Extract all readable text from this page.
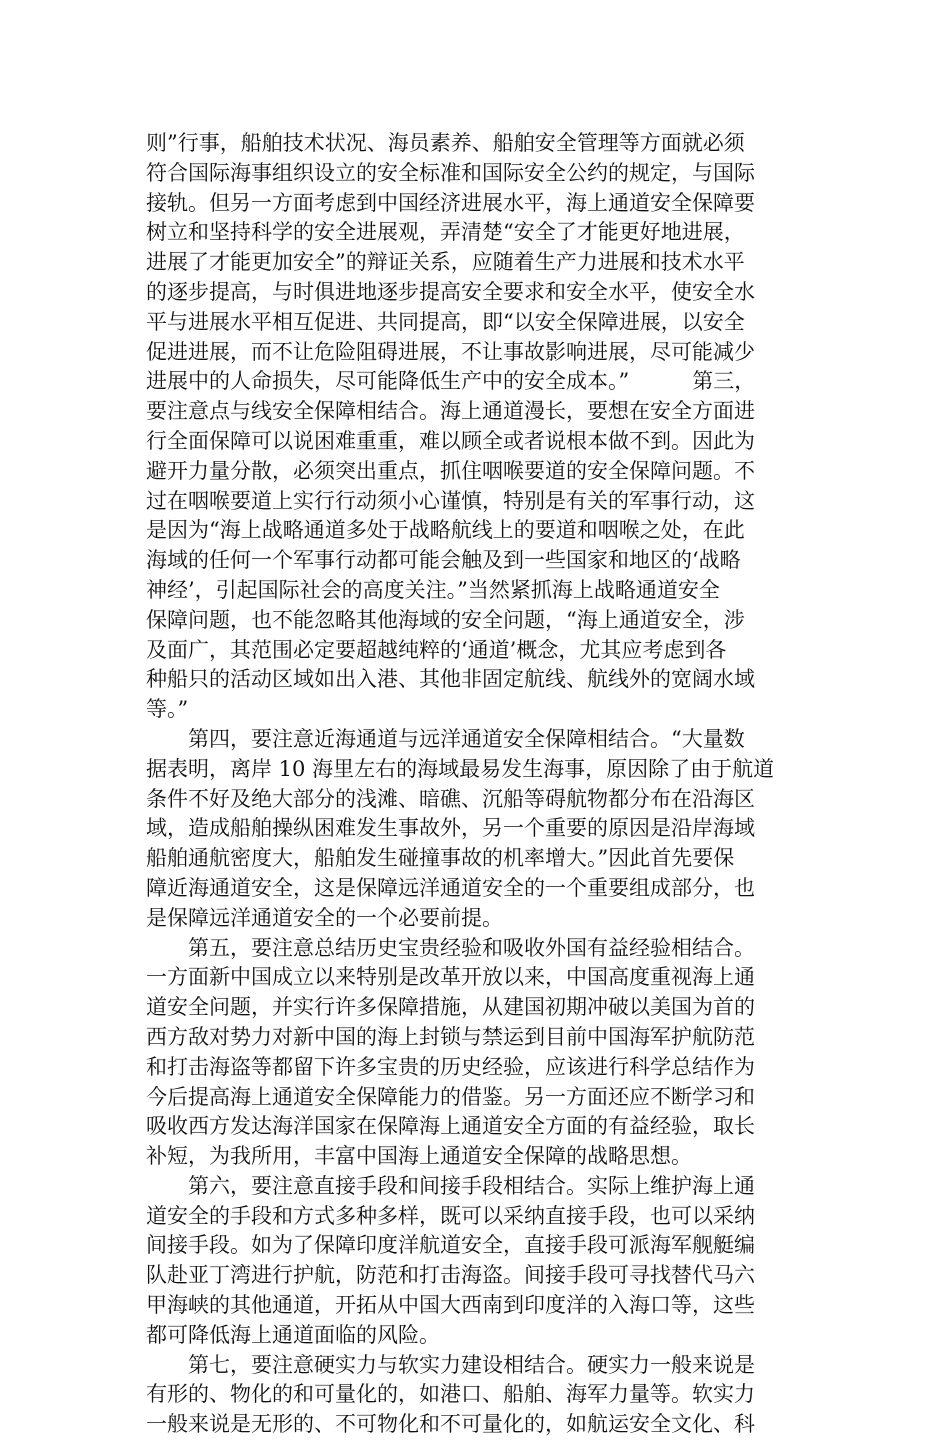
则”行事，船舶技术状况、海员素养、船舶安全管理等方面就必须
符合国际海事组织设立的安全标准和国际安全公约的规定，与国际
接轨。但另一方面考虑到中国经济进展水平，海上通道安全保障要
树立和坚持科学的安全进展观，弄清楚“安全了才能更好地进展，
进展了才能更加安全”的辩证关系，应随着生产力进展和技术水平
的逐步提高，与时俱进地逐步提高安全要求和安全水平，使安全水
平与进展水平相互促进、共同提高，即“以安全保障进展，以安全
促进进展，而不让危险阻碍进展，不让事故影响进展，尽可能减少
进展中的人命损失，尽可能降低生产中的安全成本。”　　　第三，
要注意点与线安全保障相结合。海上通道漫长，要想在安全方面进
行全面保障可以说困难重重，难以顾全或者说根本做不到。因此为
避开力量分散，必须突出重点，抓住咽喉要道的安全保障问题。不
过在咽喉要道上实行行动须小心谨慎，特别是有关的军事行动，这
是因为“海上战略通道多处于战略航线上的要道和咽喉之处，在此
海域的任何一个军事行动都可能会触及到一些国家和地区的‘战略
神经’，引起国际社会的高度关注。”当然紧抓海上战略通道安全
保障问题，也不能忽略其他海域的安全问题，“海上通道安全，涉
及面广，其范围必定要超越纯粹的‘通道’概念，尤其应考虑到各
种船只的活动区域如出入港、其他非固定航线、航线外的宽阔水域
等。”
第四，要注意近海通道与远洋通道安全保障相结合。“大量数
据表明，离岸 10 海里左右的海域最易发生海事，原因除了由于航道
条件不好及绝大部分的浅滩、暗礁、沉船等碍航物都分布在沿海区
域，造成船舶操纵困难发生事故外，另一个重要的原因是沿岸海域
船舶通航密度大，船舶发生碰撞事故的机率增大。”因此首先要保
障近海通道安全，这是保障远洋通道安全的一个重要组成部分，也
是保障远洋通道安全的一个必要前提。
第五，要注意总结历史宝贵经验和吸收外国有益经验相结合。
一方面新中国成立以来特别是改革开放以来，中国高度重视海上通
道安全问题，并实行许多保障措施，从建国初期冲破以美国为首的
西方敌对势力对新中国的海上封锁与禁运到目前中国海军护航防范
和打击海盗等都留下许多宝贵的历史经验，应该进行科学总结作为
今后提高海上通道安全保障能力的借鉴。另一方面还应不断学习和
吸收西方发达海洋国家在保障海上通道安全方面的有益经验，取长
补短，为我所用，丰富中国海上通道安全保障的战略思想。
第六，要注意直接手段和间接手段相结合。实际上维护海上通
道安全的手段和方式多种多样，既可以采纳直接手段，也可以采纳
间接手段。如为了保障印度洋航道安全，直接手段可派海军舰艇编
队赴亚丁湾进行护航，防范和打击海盗。间接手段可寻找替代马六
甲海峡的其他通道，开拓从中国大西南到印度洋的入海口等，这些
都可降低海上通道面临的风险。
第七，要注意硬实力与软实力建设相结合。硬实力一般来说是
有形的、物化的和可量化的，如港口、船舶、海军力量等。软实力
一般来说是无形的、不可物化和不可量化的，如航运安全文化、科
